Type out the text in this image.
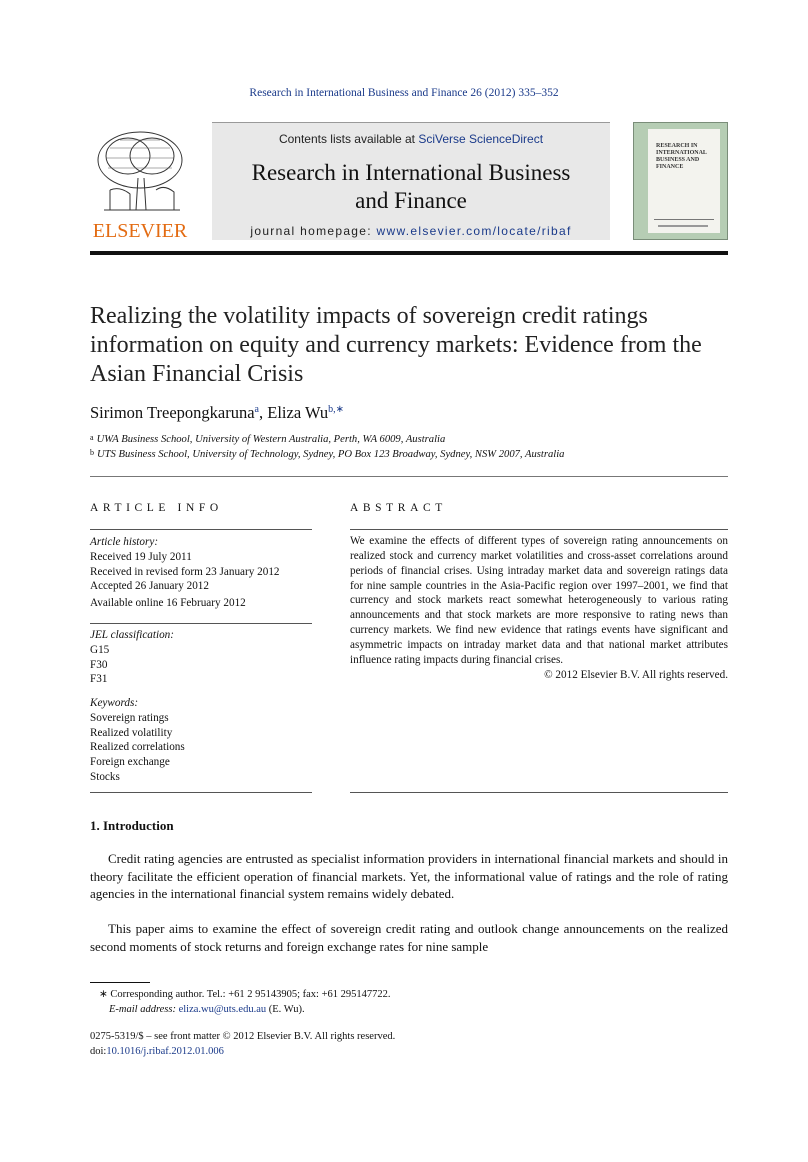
Research in International Business and Finance 26 (2012) 335–352
ELSEVIER
Contents lists available at SciVerse ScienceDirect
Research in International Business
and Finance
journal homepage: www.elsevier.com/locate/ribaf
RESEARCH IN INTERNATIONAL BUSINESS AND FINANCE
Realizing the volatility impacts of sovereign credit ratings information on equity and currency markets: Evidence from the Asian Financial Crisis
Sirimon Treepongkaruna$^a$, Eliza $Wu^{b,∗}$
$^a$ UWA Business School, University of Western Australia, Perth, WA 6009, Australia
$^b$ UTS Business School, University of Technology, Sydney, PO Box 123 Broadway, Sydney, NSW 2007, Australia
ARTICLE INFO	ABSTRACT
Article history:
Received 19 July 2011
Received in revised form 23 January 2012
Accepted 26 January 2012
Available online 16 February 2012
JEL classification:
G15
F30
F31
Keywords:
Sovereign ratings
Realized volatility
Realized correlations
Foreign exchange
Stocks
We examine the effects of different types of sovereign rating announcements on realized stock and currency market volatilities and cross-asset correlations around periods of financial crises. Using intraday market data and sovereign ratings data for nine sample countries in the Asia-Pacific region over 1997–2001, we find that currency and stock markets react somewhat heterogeneously to various rating announcements and that stock markets are more responsive to rating news than currency markets. We find new evidence that ratings events have significant and asymmetric impacts on intraday market data and that national market attributes influence rating impacts during financial crises.
© 2012 Elsevier B.V. All rights reserved.
1. Introduction
Credit rating agencies are entrusted as specialist information providers in international financial markets and should in theory facilitate the efficient operation of financial markets. Yet, the informational value of ratings and the role of rating agencies in the international financial system remains widely debated.
This paper aims to examine the effect of sovereign credit rating and outlook change announcements on the realized second moments of stock returns and foreign exchange rates for nine sample
∗ Corresponding author. Tel.: +61 2 95143905; fax: +61 295147722.
E-mail address: eliza.wu@uts.edu.au (E. Wu).
0275-5319/$ – see front matter © 2012 Elsevier B.V. All rights reserved.
doi:10.1016/j.ribaf.2012.01.006
